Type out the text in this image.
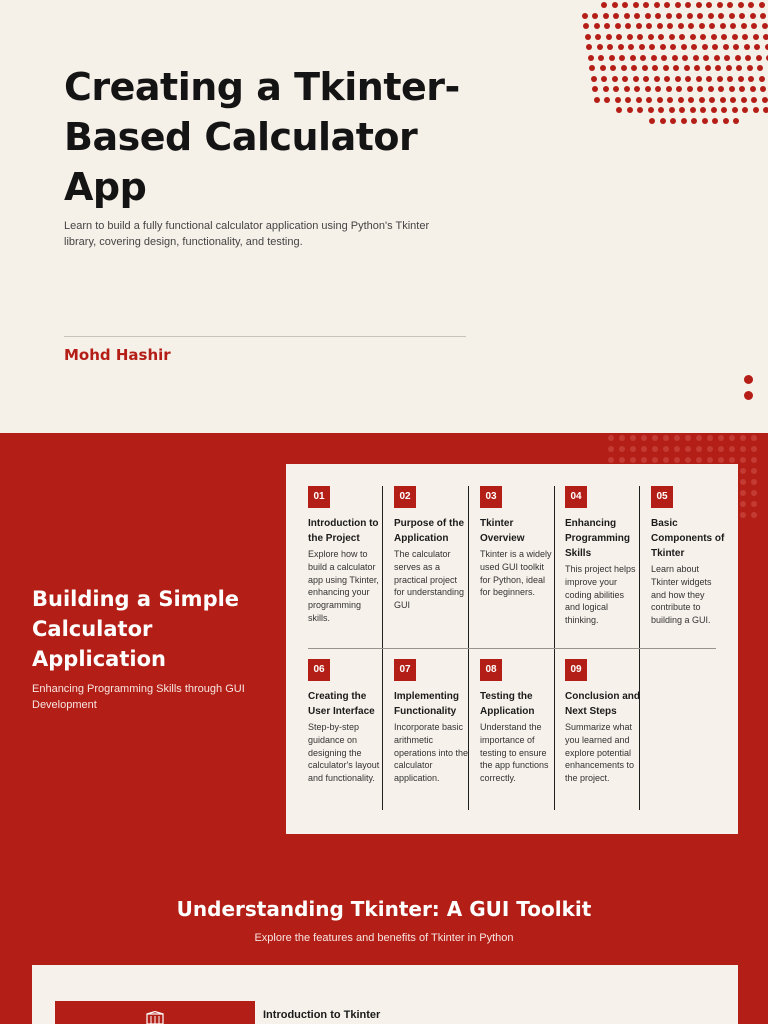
Creating a Tkinter-Based Calculator App

Learn to build a fully functional calculator application using Python's Tkinter library, covering design, functionality, and testing.

Mohd Hashir
Building a Simple Calculator Application

Enhancing Programming Skills through GUI Development

01
Introduction to the Project
Explore how to build a calculator app using Tkinter, enhancing your programming skills.
02
Purpose of the Application
The calculator serves as a practical project for understanding GUI
03
Tkinter Overview
Tkinter is a widely used GUI toolkit for Python, ideal for beginners.
04
Enhancing Programming Skills
This project helps improve your coding abilities and logical thinking.
05
Basic Components of Tkinter
Learn about Tkinter widgets and how they contribute to building a GUI.
06
Creating the User Interface
Step-by-step guidance on designing the calculator's layout and functionality.
07
Implementing Functionality
Incorporate basic arithmetic operations into the calculator application.
08
Testing the Application
Understand the importance of testing to ensure the app functions correctly.
09
Conclusion and Next Steps
Summarize what you learned and explore potential enhancements to the project.
Understanding Tkinter: A GUI Toolkit

Explore the features and benefits of Tkinter in Python

Introduction to Tkinter
